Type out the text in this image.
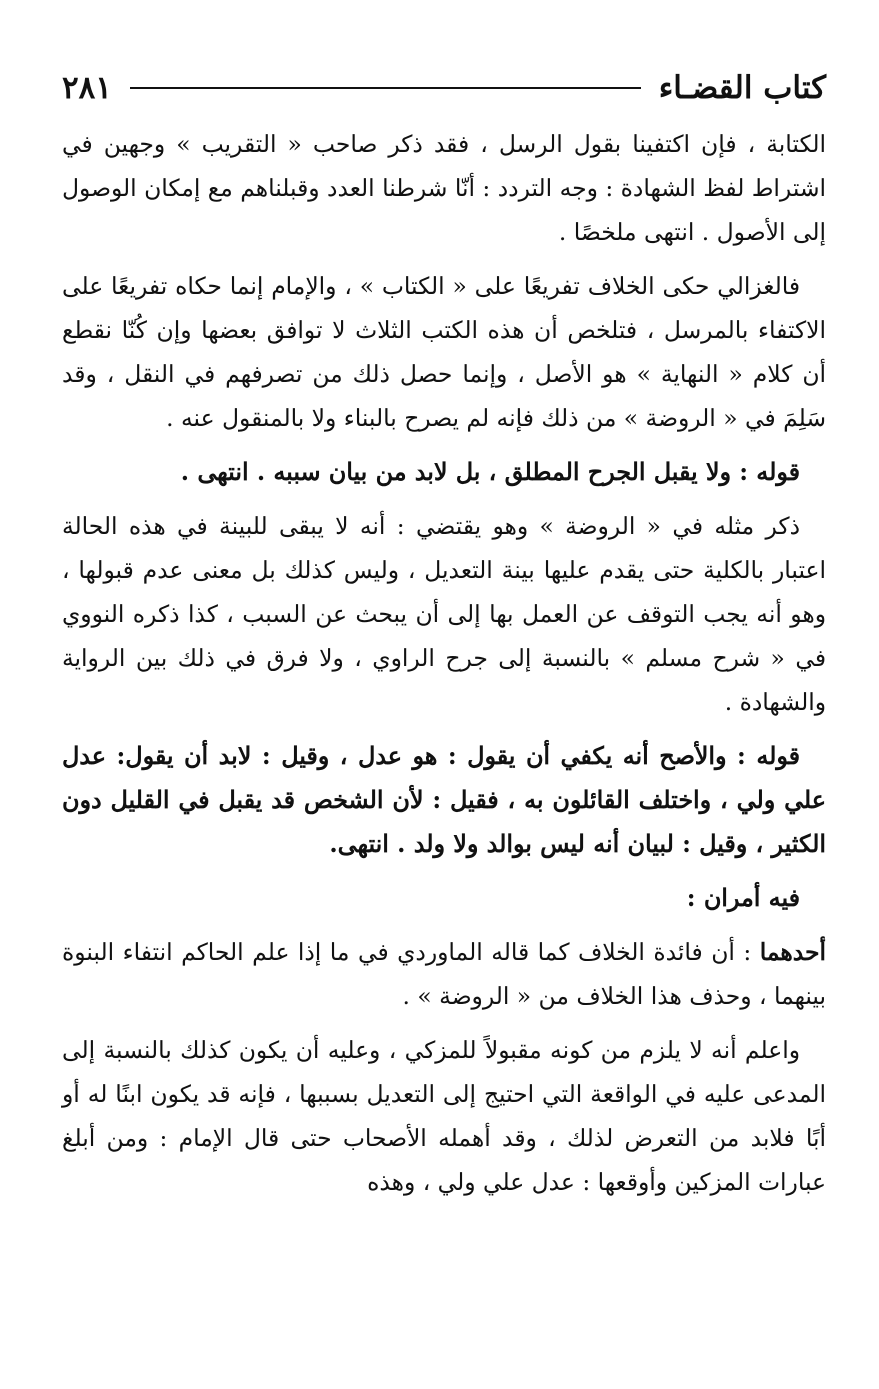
كتاب القضـاء
٢٨١

الكتابة ، فإن اكتفينا بقول الرسل ، فقد ذكر صاحب « التقريب » وجهين في اشتراط لفظ الشهادة : وجه التردد : أنّا شرطنا العدد وقبلناهم مع إمكان الوصول إلى الأصول . انتهى ملخصًا .

فالغزالي حكى الخلاف تفريعًا على « الكتاب » ، والإمام إنما حكاه تفريعًا على الاكتفاء بالمرسل ، فتلخص أن هذه الكتب الثلاث لا توافق بعضها وإن كُنّا نقطع أن كلام « النهاية » هو الأصل ، وإنما حصل ذلك من تصرفهم في النقل ، وقد سَلِمَ في « الروضة » من ذلك فإنه لم يصرح بالبناء ولا بالمنقول عنه .

قوله : ولا يقبل الجرح المطلق ، بل لابد من بيان سببه . انتهى .

ذكر مثله في « الروضة » وهو يقتضي : أنه لا يبقى للبينة في هذه الحالة اعتبار بالكلية حتى يقدم عليها بينة التعديل ، وليس كذلك بل معنى عدم قبولها ، وهو أنه يجب التوقف عن العمل بها إلى أن يبحث عن السبب ، كذا ذكره النووي في « شرح مسلم » بالنسبة إلى جرح الراوي ، ولا فرق في ذلك بين الرواية والشهادة .

قوله : والأصح أنه يكفي أن يقول : هو عدل ، وقيل : لابد أن يقول: عدل علي ولي ، واختلف القائلون به ، فقيل : لأن الشخص قد يقبل في القليل دون الكثير ، وقيل : لبيان أنه ليس بوالد ولا ولد . انتهى.

فيه أمران :

أحدهما : أن فائدة الخلاف كما قاله الماوردي في ما إذا علم الحاكم انتفاء البنوة بينهما ، وحذف هذا الخلاف من « الروضة » .

واعلم أنه لا يلزم من كونه مقبولاً للمزكي ، وعليه أن يكون كذلك بالنسبة إلى المدعى عليه في الواقعة التي احتيج إلى التعديل بسببها ، فإنه قد يكون ابنًا له أو أبًا فلابد من التعرض لذلك ، وقد أهمله الأصحاب حتى قال الإمام : ومن أبلغ عبارات المزكين وأوقعها : عدل علي ولي ، وهذه
